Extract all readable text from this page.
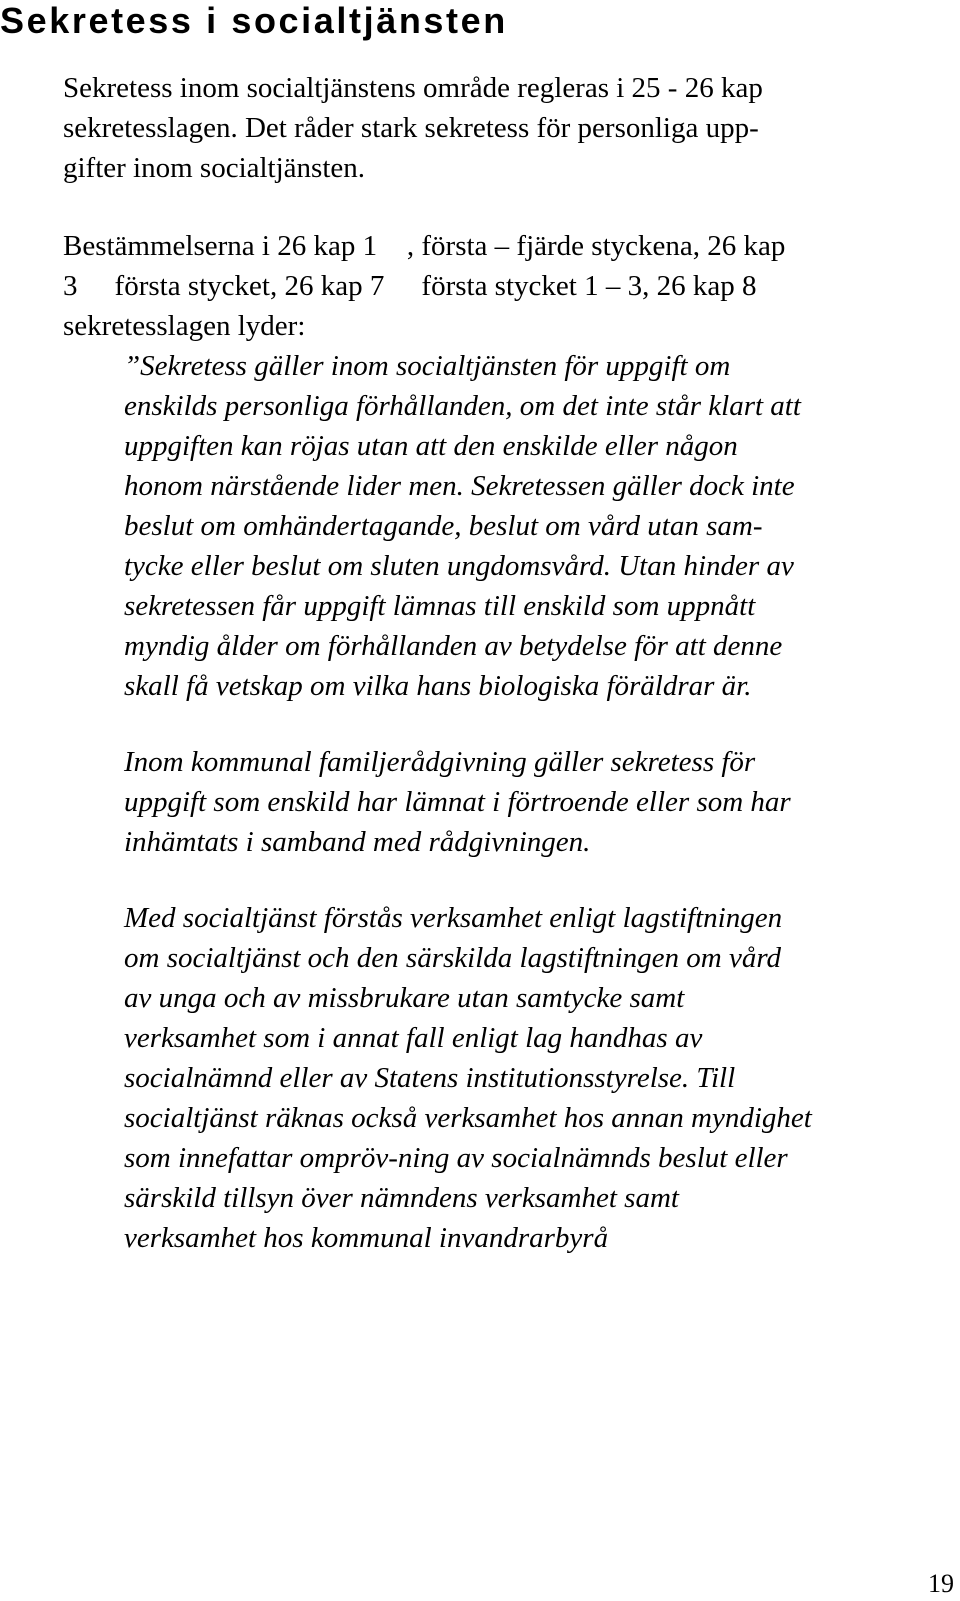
Sekretess i socialtjänsten
Sekretess inom socialtjänstens område regleras i 25 - 26 kap
sekretesslagen. Det råder stark sekretess för personliga upp-
gifter inom socialtjänsten.
Bestämmelserna i 26 kap 1 , första – fjärde styckena, 26 kap
3 första stycket, 26 kap 7 första stycket 1 – 3, 26 kap 8
sekretesslagen lyder:
”Sekretess gäller inom socialtjänsten för uppgift om
enskilds personliga förhållanden, om det inte står klart att
uppgiften kan röjas utan att den enskilde eller någon
honom närstående lider men. Sekretessen gäller dock inte
beslut om omhändertagande, beslut om vård utan sam-
tycke eller beslut om sluten ungdomsvård. Utan hinder av
sekretessen får uppgift lämnas till enskild som uppnått
myndig ålder om förhållanden av betydelse för att denne
skall få vetskap om vilka hans biologiska föräldrar är.
Inom kommunal familjerådgivning gäller sekretess för
uppgift som enskild har lämnat i förtroende eller som har
inhämtats i samband med rådgivningen.
Med socialtjänst förstås verksamhet enligt lagstiftningen
om socialtjänst och den särskilda lagstiftningen om vård
av unga och av missbrukare utan samtycke samt
verksamhet som i annat fall enligt lag handhas av
socialnämnd eller av Statens institutionsstyrelse. Till
socialtjänst räknas också verksamhet hos annan myndighet
som innefattar ompröv-ning av socialnämnds beslut eller
särskild tillsyn över nämndens verksamhet samt
verksamhet hos kommunal invandrarbyrå
19
